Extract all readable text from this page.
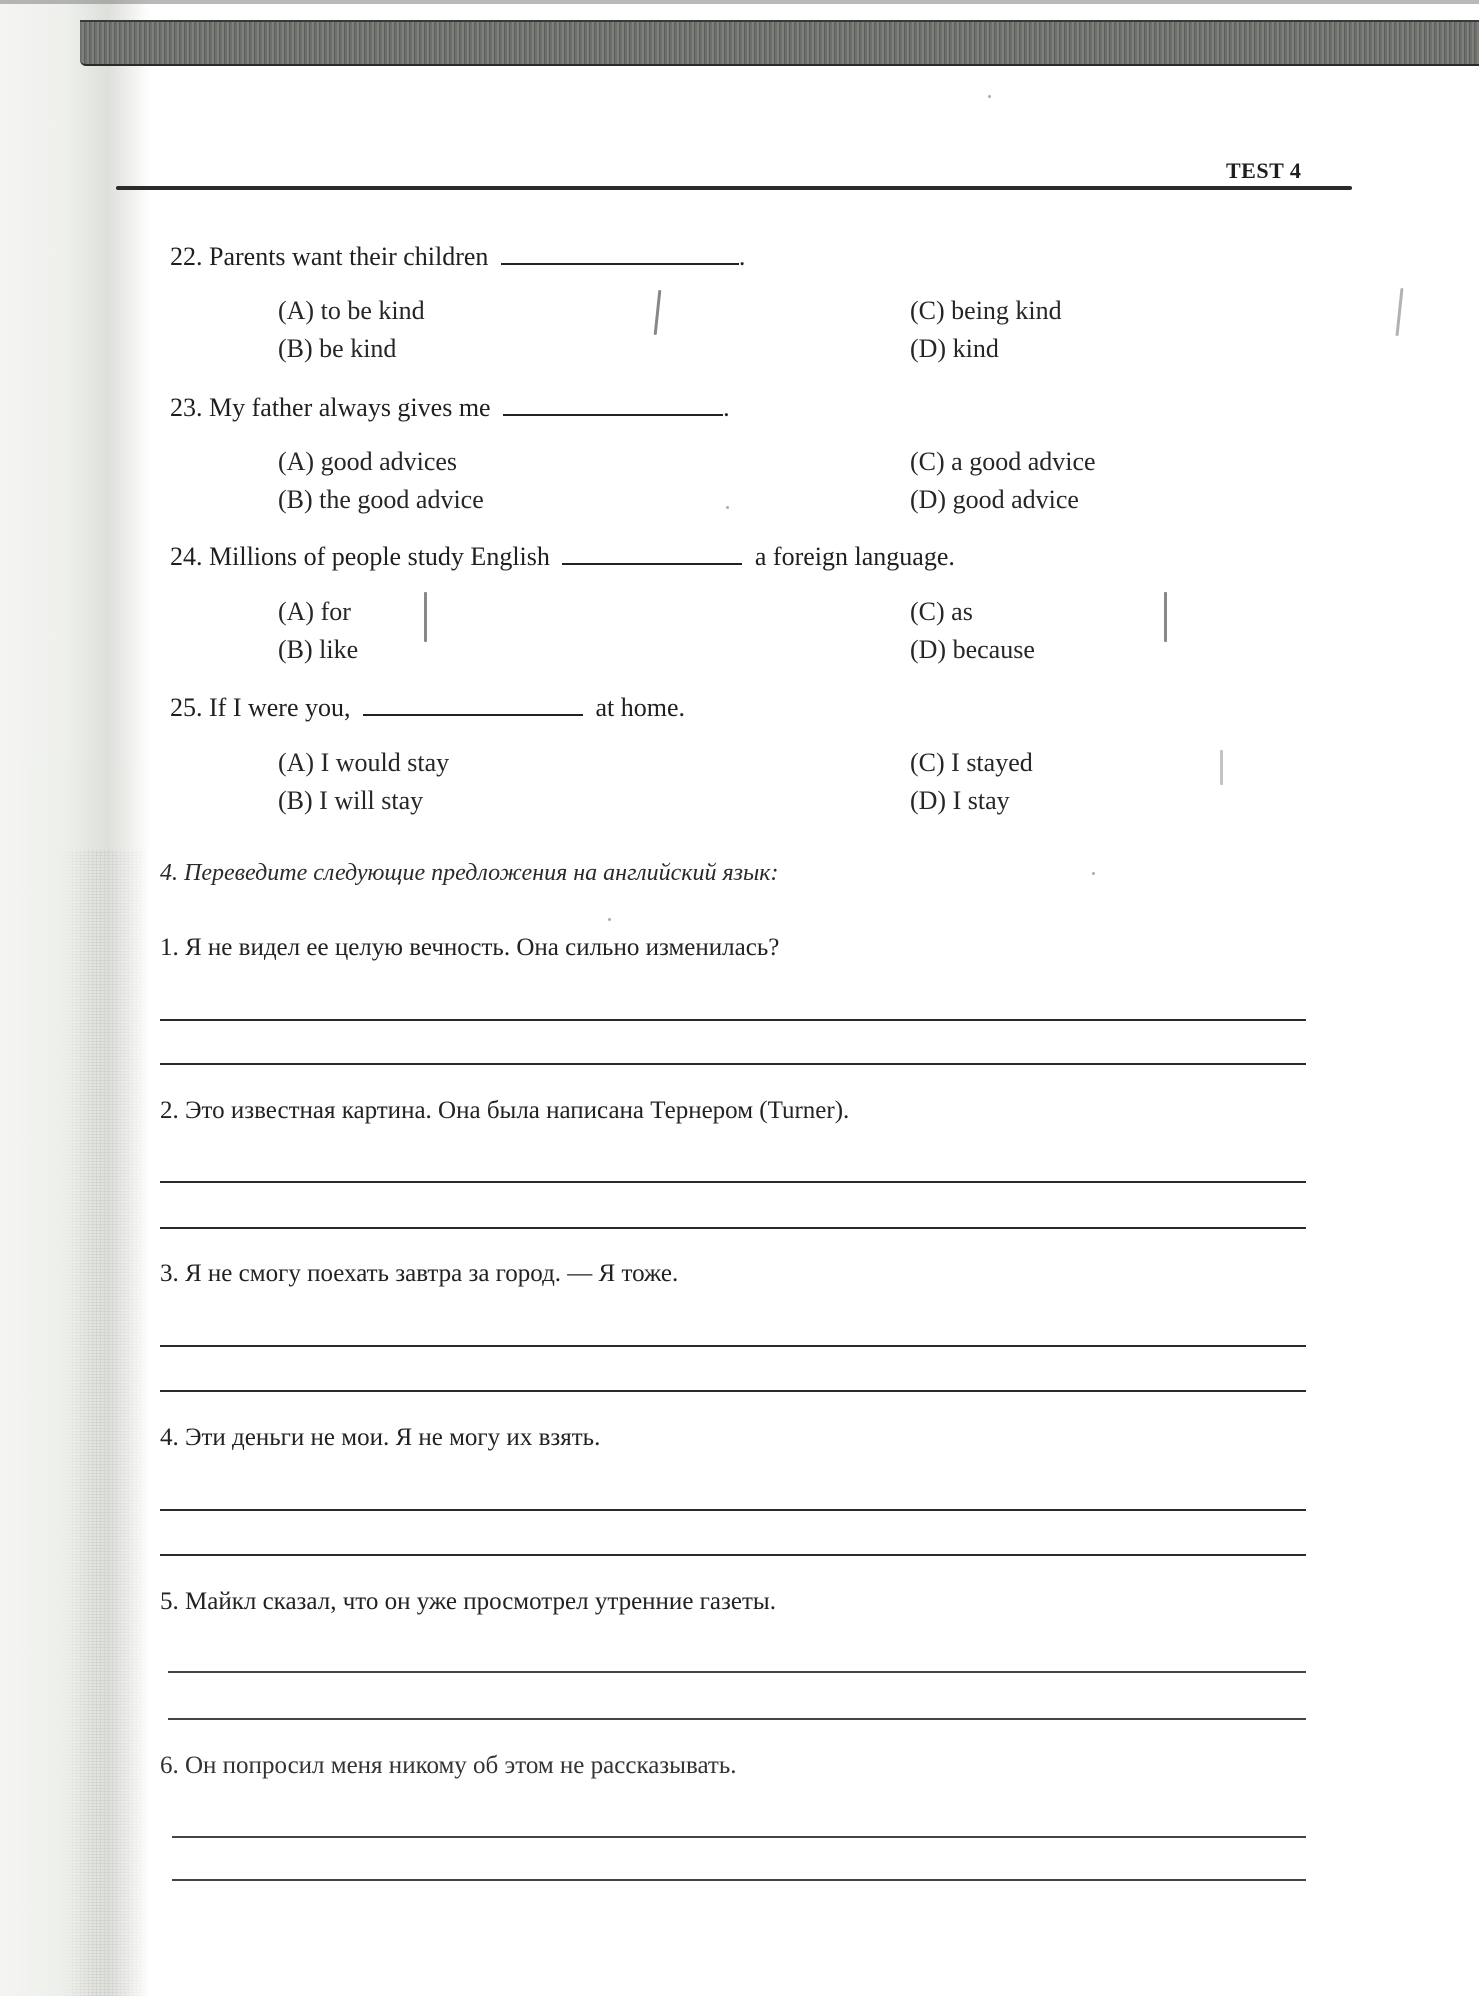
TEST 4
22. Parents want their children	.
(A) to be kind
(B) be kind
(C) being kind
(D) kind
23. My father always gives me	.
(A) good advices
(B) the good advice
(C) a good advice
(D) good advice
24. Millions of people study English	a foreign language.
(A) for
(B) like
(C) as
(D) because
25. If I were you,	at home.
(A) I would stay
(B) I will stay
(C) I stayed
(D) I stay
4. Переведите следующие предложения на английский язык:
1. Я не видел ее целую вечность. Она сильно изменилась?
2. Это известная картина. Она была написана Тернером (Turner).
3. Я не смогу поехать завтра за город. — Я тоже.
4. Эти деньги не мои. Я не могу их взять.
5. Майкл сказал, что он уже просмотрел утренние газеты.
6. Он попросил меня никому об этом не рассказывать.
